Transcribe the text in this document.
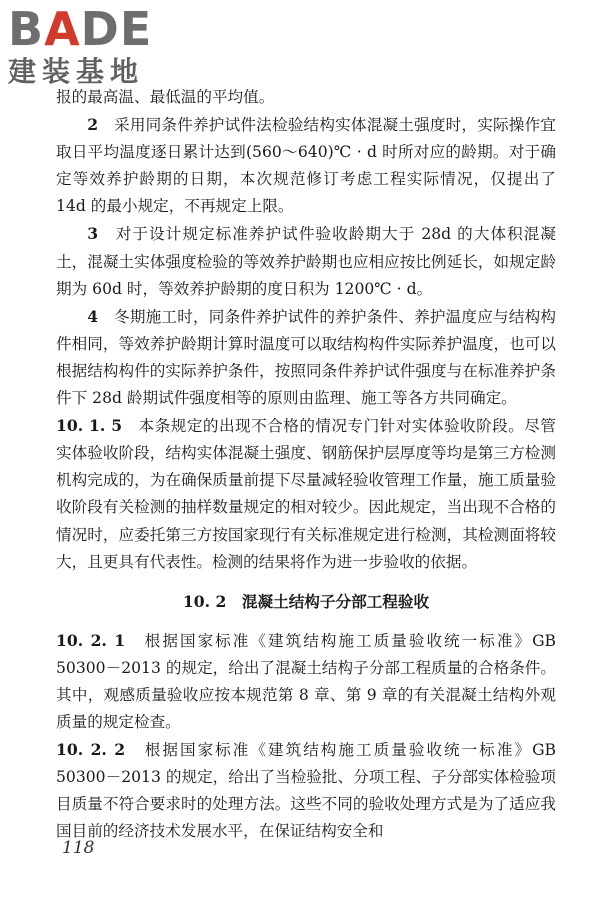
BADE
建装基地

报的最高温、最低温的平均值。

2　 采用同条件养护试件法检验结构实体混凝土强度时，实际操作宜取日平均温度逐日累计达到(560～640)℃ · d 时所对应的龄期。对于确定等效养护龄期的日期，本次规范修订考虑工程实际情况，仅提出了 14d 的最小规定，不再规定上限。

3　 对于设计规定标准养护试件验收龄期大于 28d 的大体积混凝土，混凝土实体强度检验的等效养护龄期也应相应按比例延长，如规定龄期为 60d 时，等效养护龄期的度日积为 1200℃ · d。

4　 冬期施工时，同条件养护试件的养护条件、养护温度应与结构构件相同，等效养护龄期计算时温度可以取结构构件实际养护温度，也可以根据结构构件的实际养护条件，按照同条件养护试件强度与在标准养护条件下 28d 龄期试件强度相等的原则由监理、施工等各方共同确定。

10. 1. 5　 本条规定的出现不合格的情况专门针对实体验收阶段。尽管实体验收阶段，结构实体混凝土强度、钢筋保护层厚度等均是第三方检测机构完成的，为在确保质量前提下尽量减轻验收管理工作量，施工质量验收阶段有关检测的抽样数量规定的相对较少。因此规定，当出现不合格的情况时，应委托第三方按国家现行有关标准规定进行检测，其检测面将较大，且更具有代表性。检测的结果将作为进一步验收的依据。

10. 2　混凝土结构子分部工程验收

10. 2. 1　 根据国家标准《建筑结构施工质量验收统一标准》GB 50300－2013 的规定，给出了混凝土结构子分部工程质量的合格条件。其中，观感质量验收应按本规范第 8 章、第 9 章的有关混凝土结构外观质量的规定检查。

10. 2. 2　 根据国家标准《建筑结构施工质量验收统一标准》GB 50300－2013 的规定，给出了当检验批、分项工程、子分部实体检验项目质量不符合要求时的处理方法。这些不同的验收处理方式是为了适应我国目前的经济技术发展水平，在保证结构安全和

118
